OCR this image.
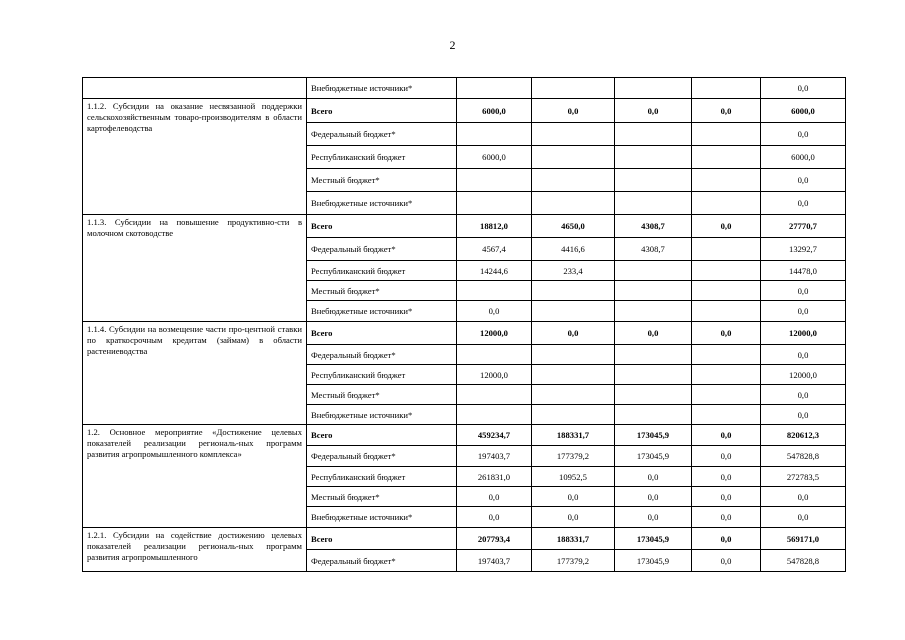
2
	Внебюджетные источники*					0,0
1.1.2. Субсидии на оказание несвязанной поддержки сельскохозяйственным товаро-производителям в области картофелеводства	Всего	6000,0	0,0	0,0	0,0	6000,0
	Федеральный бюджет*					0,0
	Республиканский бюджет	6000,0				6000,0
	Местный бюджет*					0,0
	Внебюджетные источники*					0,0
1.1.3. Субсидии на повышение продуктивно-сти в молочном скотоводстве	Всего	18812,0	4650,0	4308,7	0,0	27770,7
	Федеральный бюджет*	4567,4	4416,6	4308,7		13292,7
	Республиканский бюджет	14244,6	233,4			14478,0
	Местный бюджет*					0,0
	Внебюджетные источники*	0,0				0,0
1.1.4. Субсидии на возмещение части про-центной ставки по краткосрочным кредитам (займам) в области растениеводства	Всего	12000,0	0,0	0,0	0,0	12000,0
	Федеральный бюджет*					0,0
	Республиканский бюджет	12000,0				12000,0
	Местный бюджет*					0,0
	Внебюджетные источники*					0,0
1.2. Основное мероприятие «Достижение целевых показателей реализации региональ-ных программ развития агропромышленного комплекса»	Всего	459234,7	188331,7	173045,9	0,0	820612,3
	Федеральный бюджет*	197403,7	177379,2	173045,9	0,0	547828,8
	Республиканский бюджет	261831,0	10952,5	0,0	0,0	272783,5
	Местный бюджет*	0,0	0,0	0,0	0,0	0,0
	Внебюджетные источники*	0,0	0,0	0,0	0,0	0,0
1.2.1. Субсидии на содействие достижению целевых показателей реализации региональ-ных программ развития агропромышленного	Всего	207793,4	188331,7	173045,9	0,0	569171,0
	Федеральный бюджет*	197403,7	177379,2	173045,9	0,0	547828,8
